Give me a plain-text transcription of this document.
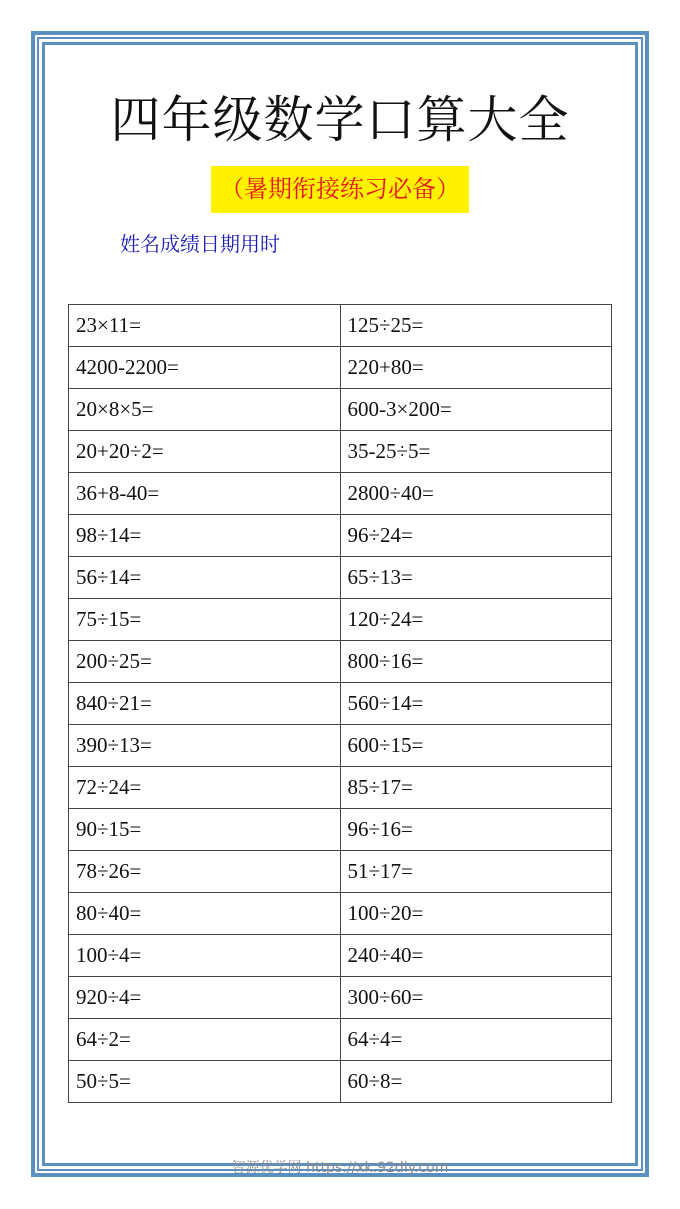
四年级数学口算大全
（暑期衔接练习必备）
姓名成绩日期用时
23×11=	125÷25=
4200-2200=	220+80=
20×8×5=	600-3×200=
20+20÷2=	35-25÷5=
36+8-40=	2800÷40=
98÷14=	96÷24=
56÷14=	65÷13=
75÷15=	120÷24=
200÷25=	800÷16=
840÷21=	560÷14=
390÷13=	600÷15=
72÷24=	85÷17=
90÷15=	96÷16=
78÷26=	51÷17=
80÷40=	100÷20=
100÷4=	240÷40=
920÷4=	300÷60=
64÷2=	64÷4=
50÷5=	60÷8=
智源优学网 https://xk.92diy.com
